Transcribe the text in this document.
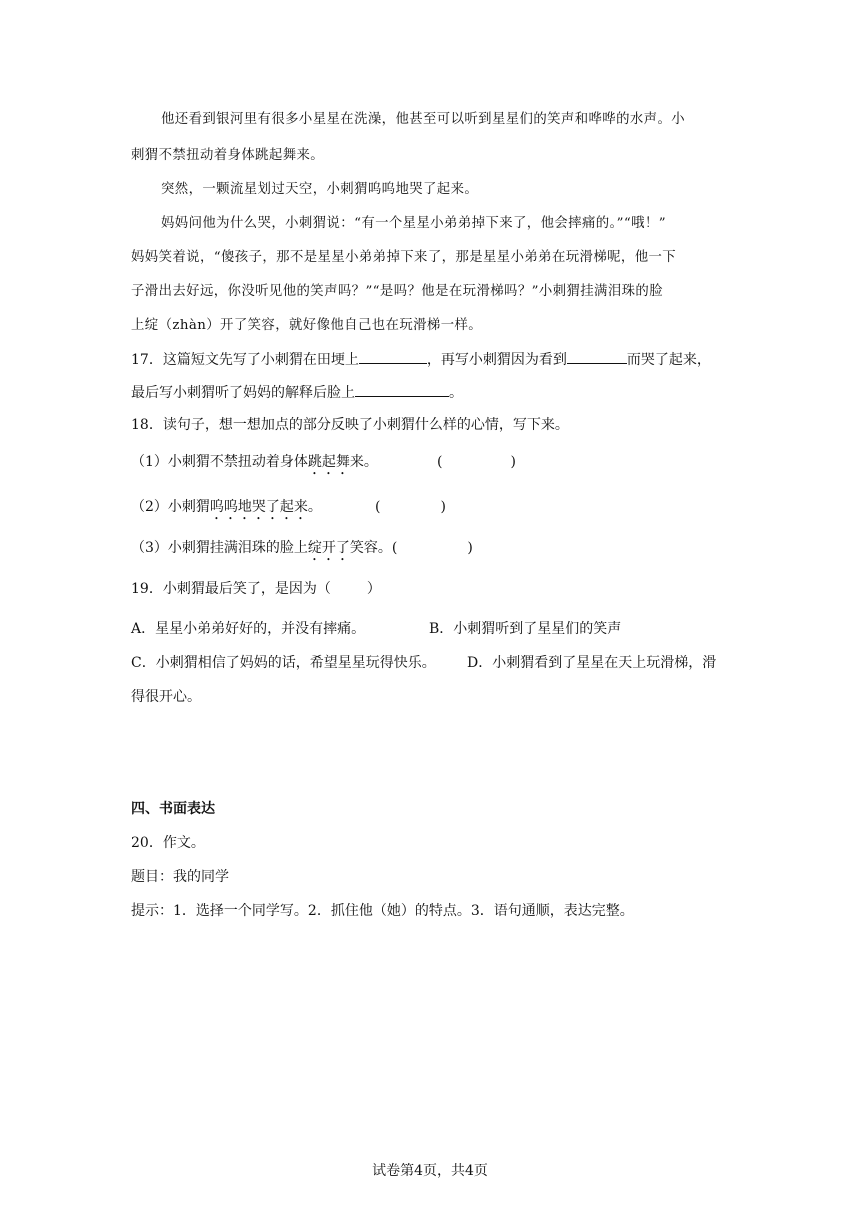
他还看到银河里有很多小星星在洗澡，他甚至可以听到星星们的笑声和哗哗的水声。小
刺猬不禁扭动着身体跳起舞来。
突然，一颗流星划过天空，小刺猬呜呜地哭了起来。
妈妈问他为什么哭，小刺猬说：“有一个星星小弟弟掉下来了，他会摔痛的。”“哦！”
妈妈笑着说，“傻孩子，那不是星星小弟弟掉下来了，那是星星小弟弟在玩滑梯呢，他一下
子滑出去好远，你没听见他的笑声吗？”“是吗？他是在玩滑梯吗？”小刺猬挂满泪珠的脸
上绽（zhàn）开了笑容，就好像他自己也在玩滑梯一样。
17．这篇短文先写了小刺猬在田埂上	，再写小刺猬因为看到	而哭了起来，
最后写小刺猬听了妈妈的解释后脸上	。
18．读句子，想一想加点的部分反映了小刺猬什么样的心情，写下来。
（1）小刺猬不禁扭动着身体跳起舞来。	(	)
（2）小刺猬呜呜地哭了起来。	(	)
（3）小刺猬挂满泪珠的脸上绽开了笑容。(	)
19．小刺猬最后笑了，是因为（	）
A．星星小弟弟好好的，并没有摔痛。	B．小刺猬听到了星星们的笑声
C．小刺猬相信了妈妈的话，希望星星玩得快乐。 D．小刺猬看到了星星在天上玩滑梯，滑
得很开心。
四、书面表达
20．作文。
题目：我的同学
提示：1．选择一个同学写。2．抓住他（她）的特点。3．语句通顺，表达完整。
试卷第4页，共4页
